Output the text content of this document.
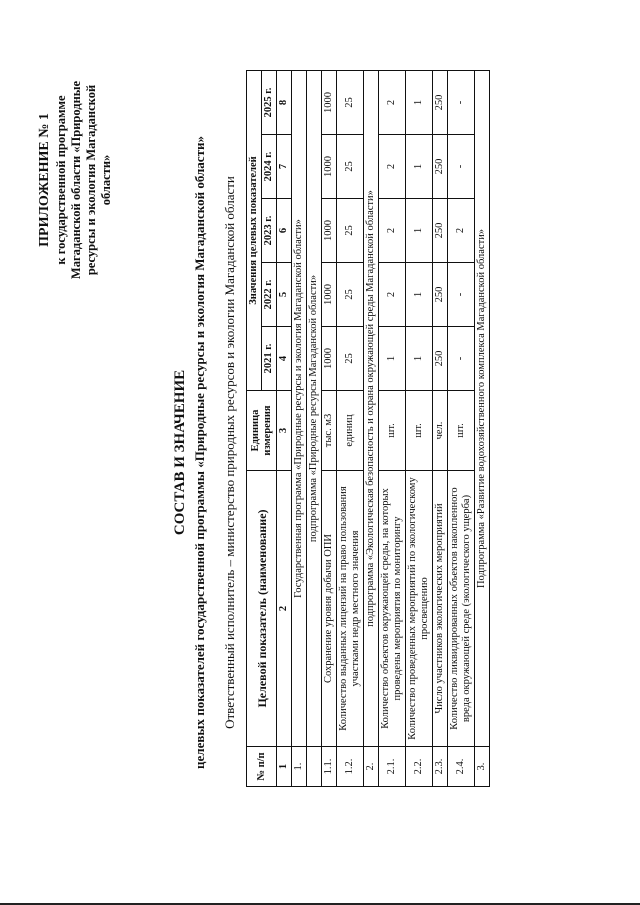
ПРИЛОЖЕНИЕ № 1 к государственной программе Магаданской области «Природные ресурсы и экология Магаданской области»
СОСТАВ И ЗНАЧЕНИЕ целевых показателей государственной программы «Природные ресурсы и экология Магаданской области» Ответственный исполнитель – министерство природных ресурсов и экологии Магаданской области
№ п/п	Целевой показатель (наименование)	Единица измерения	Значения целевых показателей				
			2021 г.	2022 г.	2023 г.	2024 г.	2025 г.
1	2	3	4	5	6	7	8
1.	Государственная программа «Природные ресурсы и экология Магаданской области»						
	подпрограмма «Природные ресурсы Магаданской области»						
1.1.	Сохранение уровня добычи ОПИ	тыс. м3	1000	1000	1000	1000	1000
1.2.	Количество выданных лицензий на право пользования участками недр местного значения	единиц	25	25	25	25	25
2.	подпрограмма «Экологическая безопасность и охрана окружающей среды Магаданской области»						
2.1.	Количество объектов окружающей среды, на которых проведены мероприятия по мониторингу	шт.	1	2	2	2	2
2.2.	Количество проведенных мероприятий по экологическому просвещению	шт.	1	1	1	1	1
2.3.	Число участников экологических мероприятий	чел.	250	250	250	250	250
2.4.	Количество ликвидированных объектов накопленного вреда окружающей среде (экологического ущерба)	шт.	-	-	2	-	-
3.	Подпрограмма «Развитие водохозяйственного комплекса Магаданской области»						
